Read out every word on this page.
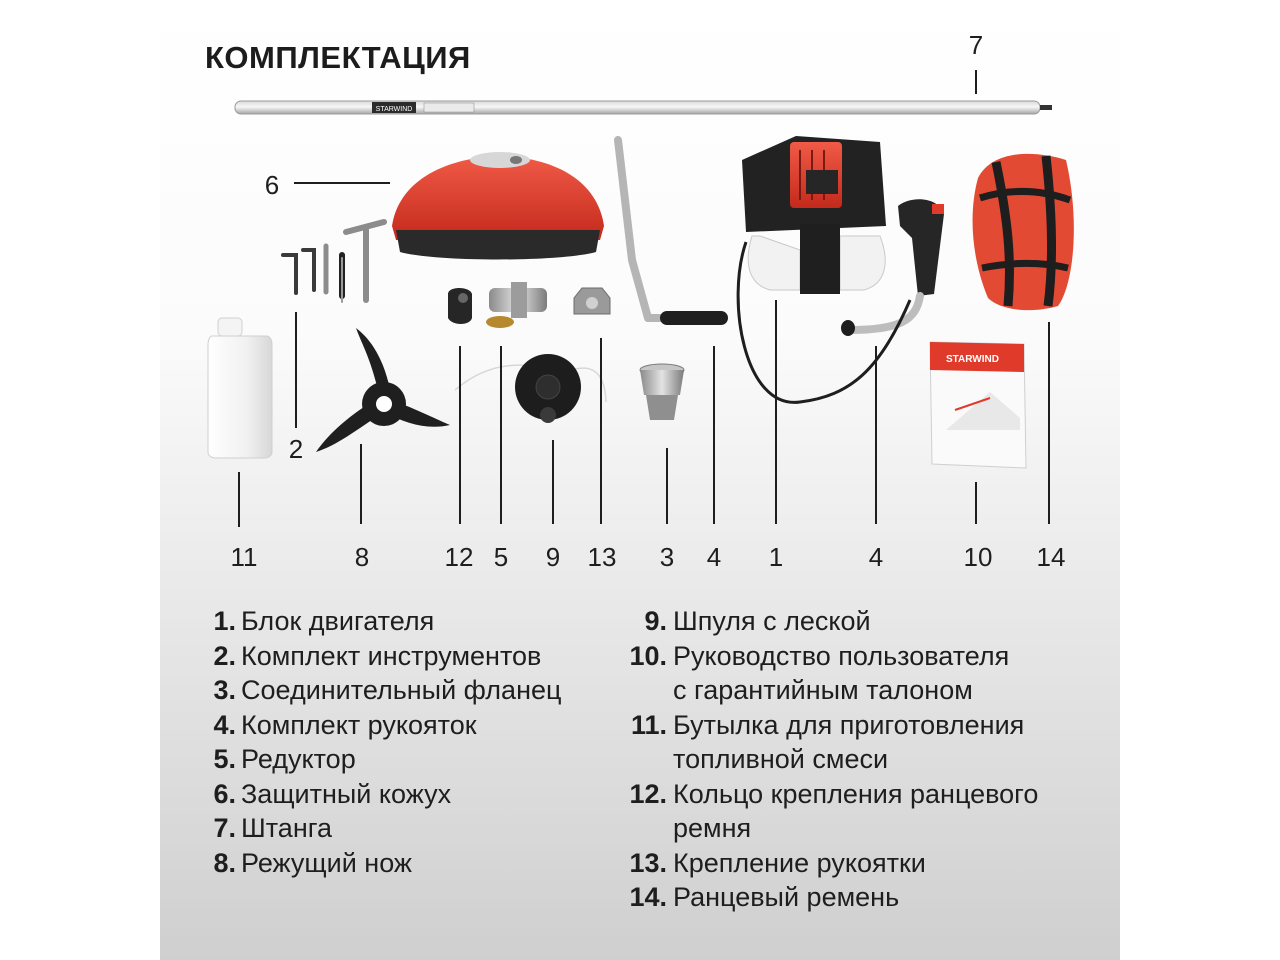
КОМПЛЕКТАЦИЯ
STARWIND
STARWIND
7
6
2
11	8	12 5 9 13 3 4 1	4	10 14
1. Блок двигателя
2. Комплект инструментов
3. Соединительный фланец
4. Комплект рукояток
5. Редуктор
6. Защитный кожух
7. Штанга
8. Режущий нож
9. Шпуля с леской
10. Руководство пользователя
с гарантийным талоном
11. Бутылка для приготовления
топливной смеси
12. Кольцо крепления ранцевого
ремня
13. Крепление рукоятки
14. Ранцевый ремень
